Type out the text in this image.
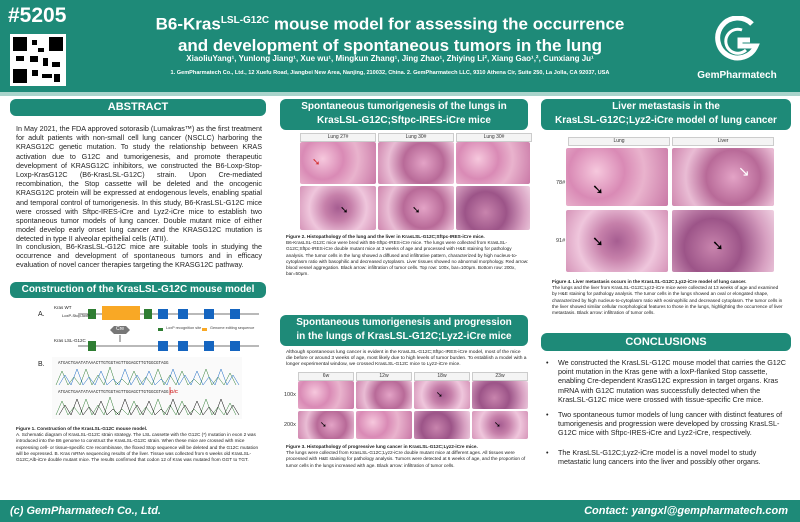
#5205	B6-Kras$^{LSL-G12C}$ mouse model for assessing the occurrence
and development of spontaneous tumors in the lung
XiaoliuYang¹, Yunlong Jiang¹, Xue wu¹, Mingkun Zhang¹, Jing Zhao¹, Zhiying Li², Xiang Gao¹,², Cunxiang Ju¹
1. GemPharmatech Co., Ltd., 12 Xuefu Road, Jiangbei New Area, Nanjing, 210032, China. 2. GemPharmatech LLC, 9310 Athena Cir, Suite 250, La Jolla, CA 92037, USA	GemPharmatech
ABSTRACT
In May 2021, the FDA approved sotorasib (Lumakras™) as the first treatment for adult patients with non-small cell lung cancer (NSCLC) harboring the KRASG12C genetic mutation. To study the relationship between KRAS activation due to G12C and tumorigenesis, and promote therapeutic development of KRASG12C inhibitors, we constructed the B6-Loxp-Stop-Loxp-KrasG12C (B6-KrasLSL-G12C) strain. Upon Cre-mediated recombination, the Stop cassette will be deleted and the oncogenic KRASG12C protein will be expressed at endogenous levels, enabling spatial and temporal control of tumorigenesis. In this study, B6-KrasLSL-G12C mice were crossed with Sftpc-IRES-iCre and Lyz2-iCre mice to establish two spontaneous tumor models of lung cancer. Double mutant mice of either model develop early onset lung cancer and the KRASG12C mutation is detected in type II alveolar epithelial cells (ATII).
In conclusion, B6-KrasLSL-G12C mice are suitable tools in studying the occurrence and development of spontaneous tumors and in efficacy evaluation of novel cancer therapies targeting the KRASG12C pathway.
Construction of the KrasLSL-G12C mouse model
A.
Kras WT
LoxP-Stop-loxP
Cre	LoxP recognition site Genome editing sequence
Kras LSL-G12C
B.	ATGACTGAATATAAACTTGTGGTAGTTGGAGCTTGTGGCGTAGG
ATGACTGAATATAAACTTGTGGTAGTTGGAGCTTGTGGCGTAGG G/C
Figure 1. Construction of the KrasLSL-G12C mouse model.
A. Schematic diagram of KrasLSL-G12C strain strategy. The LSL cassette with the G12C (*) mutation in exon 2 was introduced into the B6 genome to construct the KrasLSL-G12C strain. When these mice are crossed with mice expressing cell- or tissue-specific Cre recombinase, the floxed Stop sequence will be deleted and the G12C mutation will be expressed. B. Kras mRNA sequencing results of the liver. Tissue was collected from 6 weeks old KrasLSL-G12C;Alb-iCre double mutant mice. The results confirmed that codon 12 of Kras was mutated from GGT to TGT.
Spontaneous tumorigenesis of the lungs in
KrasLSL-G12C;Sftpc-IRES-iCre mice
Lung 27#	Lung 30#	Lung 30#
➘
➘	➘
Figure 2. Histopathology of the lung and the liver in KrasLSL-G12C;Sftpc-IRES-iCre mice.
B6-KrasLSL-G12C mice were bred with B6-Sftpc-IRES-iCre mice. The lungs were collected from KrasLSL-G12C;Sftpc-IRES-iCre double mutant mice at 3 weeks of age and processed with H&E staining for pathology analysis. The tumor cells in the lung showed a diffused and infiltrative pattern, characterized by high nucleus-to-cytoplasm ratio with basophilic and decreased cytoplasm. Liver tissues showed no abnormal morphology. Red arrow: blood vessel aggregation. Black arrow: infiltration of tumor cells. Top row: 100x, bar=100μm. Bottom row: 200x, bar=50μm.
Spontaneous tumorigenesis and progression
in the lungs of KrasLSL-G12C;Lyz2-iCre mice
Although spontaneous lung cancer is evident in the KrasLSL-G12C;Sftpc-IRES-iCre model, most of the mice die before or around 3 weeks of age, most likely due to high levels of tumor burden. To establish a model with a longer experimental window, we crossed KrasLSL-G12C mice to Lyz2-iCre mice.
6w	12w	18w	23w
100x
200x	➘
➘
➘
Figure 3. Histopathology of progressive lung cancer in KrasLSL-G12C;Lyz2-iCre mice.
The lungs were collected from KrasLSL-G12C;Lyz2-iCre double mutant mice at different ages. All tissues were processed with H&E staining for pathology analysis. Tumors were detected at 6 weeks of age, and the proportion of tumor cells in the lungs increased with age. Black arrow: infiltration of tumor cells.
Liver metastasis in the
KrasLSL-G12C;Lyz2-iCre model of lung cancer
Lung	Liver
78#
91#
➘
↘
➘	➘
Figure 4. Liver metastasis occurs in the KrasLSL-G12C;Lyz2-iCre model of lung cancer.
The lungs and the liver from KrasLSL-G12C;Lyz2-iCre mice were collected at 13 weeks of age and examined by H&E staining for pathology analysis. The tumor cells in the lungs showed an oval or elongated shape, characterized by high nucleus-to-cytoplasm ratio with eosinophilic and decreased cytoplasm. The tumor cells in the liver showed similar cellular morphological features to those in the lungs, highlighting the occurrence of liver metastasis. Black arrow: infiltration of tumor cells.
CONCLUSIONS
• We constructed the KrasLSL-G12C mouse model that carries the G12C point mutation in the Kras gene with a loxP-flanked Stop cassette, enabling Cre-dependent KrasG12C expression in target organs. Kras mRNA with G12C mutation was successfully detected when the KrasLSL-G12C mice were crossed with tissue-specific Cre mice.
• Two spontaneous tumor models of lung cancer with distinct features of tumorigenesis and progression were developed by crossing KrasLSL-G12C mice with Sftpc-IRES-iCre and Lyz2-iCre, respectively.
• The KrasLSL-G12C;Lyz2-iCre model is a novel model to study metastatic lung cancers into the liver and possibly other organs.
(c) GemPharmatech Co., Ltd.	Contact: yangxl@gempharmatech.com
